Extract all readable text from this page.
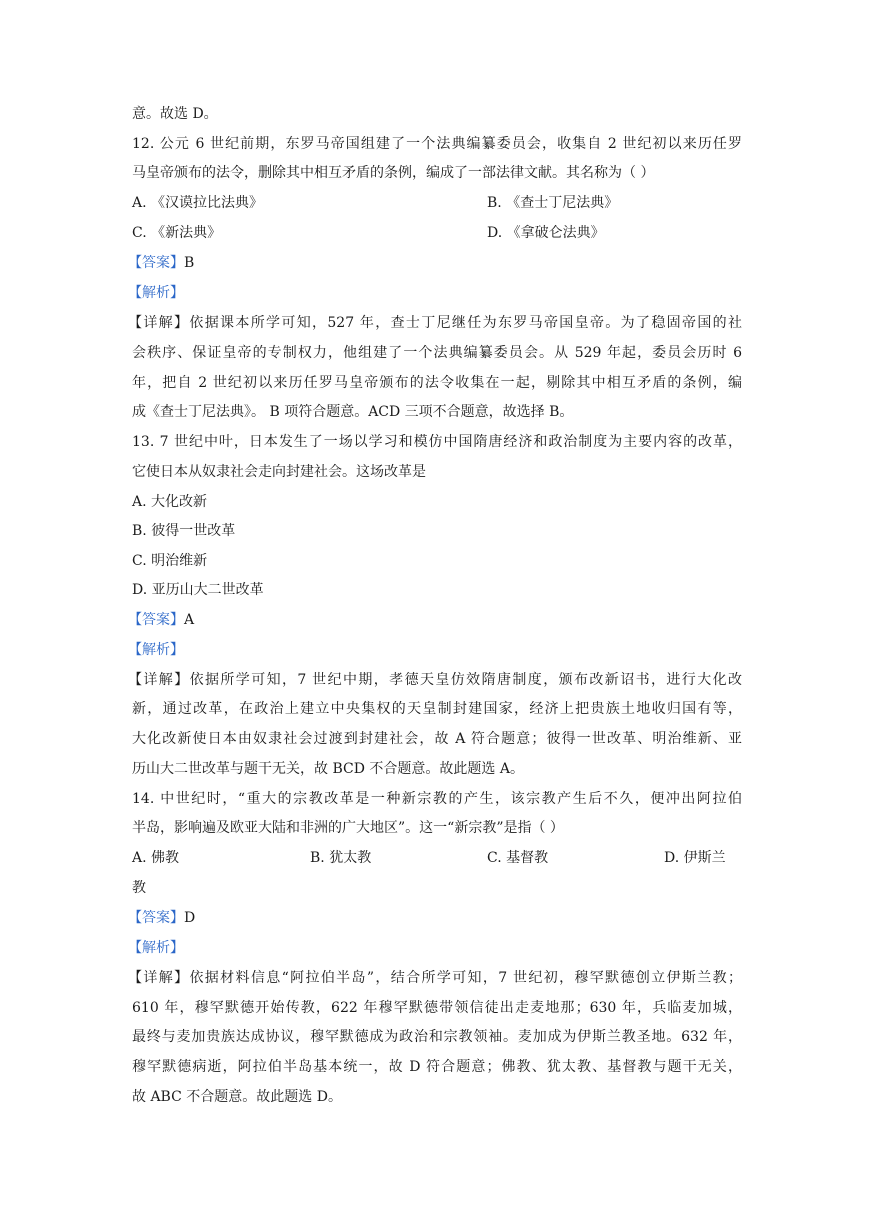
意。故选 D。
12. 公元 6 世纪前期，东罗马帝国组建了一个法典编纂委员会，收集自 2 世纪初以来历任罗
马皇帝颁布的法令，删除其中相互矛盾的条例，编成了一部法律文献。其名称为（ ）
A. 《汉谟拉比法典》	B. 《查士丁尼法典》
C. 《新法典》	D. 《拿破仑法典》
【答案】B
【解析】
【详解】依据课本所学可知，527 年，查士丁尼继任为东罗马帝国皇帝。为了稳固帝国的社
会秩序、保证皇帝的专制权力，他组建了一个法典编纂委员会。从 529 年起，委员会历时 6
年，把自 2 世纪初以来历任罗马皇帝颁布的法令收集在一起，剔除其中相互矛盾的条例，编
成《查士丁尼法典》。 B 项符合题意。ACD 三项不合题意，故选择 B。
13. 7 世纪中叶，日本发生了一场以学习和模仿中国隋唐经济和政治制度为主要内容的改革，
它使日本从奴隶社会走向封建社会。这场改革是
A. 大化改新
B. 彼得一世改革
C. 明治维新
D. 亚历山大二世改革
【答案】A
【解析】
【详解】依据所学可知，7 世纪中期，孝德天皇仿效隋唐制度，颁布改新诏书，进行大化改
新，通过改革，在政治上建立中央集权的天皇制封建国家，经济上把贵族土地收归国有等，
大化改新使日本由奴隶社会过渡到封建社会，故 A 符合题意；彼得一世改革、明治维新、亚
历山大二世改革与题干无关，故 BCD 不合题意。故此题选 A。
14. 中世纪时，“重大的宗教改革是一种新宗教的产生，该宗教产生后不久，便冲出阿拉伯
半岛，影响遍及欧亚大陆和非洲的广大地区”。这一“新宗教”是指（ ）
A. 佛教	B. 犹太教	C. 基督教	D. 伊斯兰
教
【答案】D
【解析】
【详解】依据材料信息“阿拉伯半岛”，结合所学可知，7 世纪初，穆罕默德创立伊斯兰教；
610 年，穆罕默德开始传教，622 年穆罕默德带领信徒出走麦地那；630 年，兵临麦加城，
最终与麦加贵族达成协议，穆罕默德成为政治和宗教领袖。麦加成为伊斯兰教圣地。632 年，
穆罕默德病逝，阿拉伯半岛基本统一，故 D 符合题意；佛教、犹太教、基督教与题干无关，
故 ABC 不合题意。故此题选 D。
